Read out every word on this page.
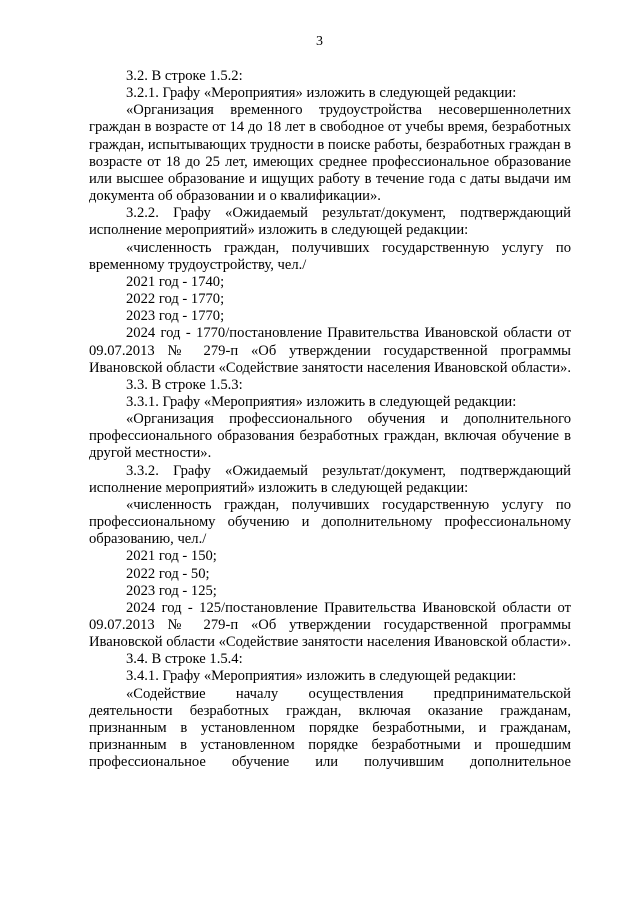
3

3.2. В строке 1.5.2:

3.2.1. Графу «Мероприятия» изложить в следующей редакции:

«Организация временного трудоустройства несовершеннолетних граждан в возрасте от 14 до 18 лет в свободное от учебы время, безработных граждан, испытывающих трудности в поиске работы, безработных граждан в возрасте от 18 до 25 лет, имеющих среднее профессиональное образование или высшее образование и ищущих работу в течение года с даты выдачи им документа об образовании и о квалификации».

3.2.2. Графу «Ожидаемый результат/документ, подтверждающий исполнение мероприятий» изложить в следующей редакции:

«численность граждан, получивших государственную услугу по временному трудоустройству, чел./

2021 год - 1740;

2022 год - 1770;

2023 год - 1770;

2024 год - 1770/постановление Правительства Ивановской области от 09.07.2013 № 279-п «Об утверждении государственной программы Ивановской области «Содействие занятости населения Ивановской области».

3.3. В строке 1.5.3:

3.3.1. Графу «Мероприятия» изложить в следующей редакции:

«Организация профессионального обучения и дополнительного профессионального образования безработных граждан, включая обучение в другой местности».

3.3.2. Графу «Ожидаемый результат/документ, подтверждающий исполнение мероприятий» изложить в следующей редакции:

«численность граждан, получивших государственную услугу по профессиональному обучению и дополнительному профессиональному образованию, чел./

2021 год - 150;

2022 год - 50;

2023 год - 125;

2024 год - 125/постановление Правительства Ивановской области от 09.07.2013 № 279-п «Об утверждении государственной программы Ивановской области «Содействие занятости населения Ивановской области».

3.4. В строке 1.5.4:

3.4.1. Графу «Мероприятия» изложить в следующей редакции:

«Содействие началу осуществления предпринимательской деятельности безработных граждан, включая оказание гражданам, признанным в установленном порядке безработными, и гражданам, признанным в установленном порядке безработными и прошедшим профессиональное обучение или получившим дополнительное
